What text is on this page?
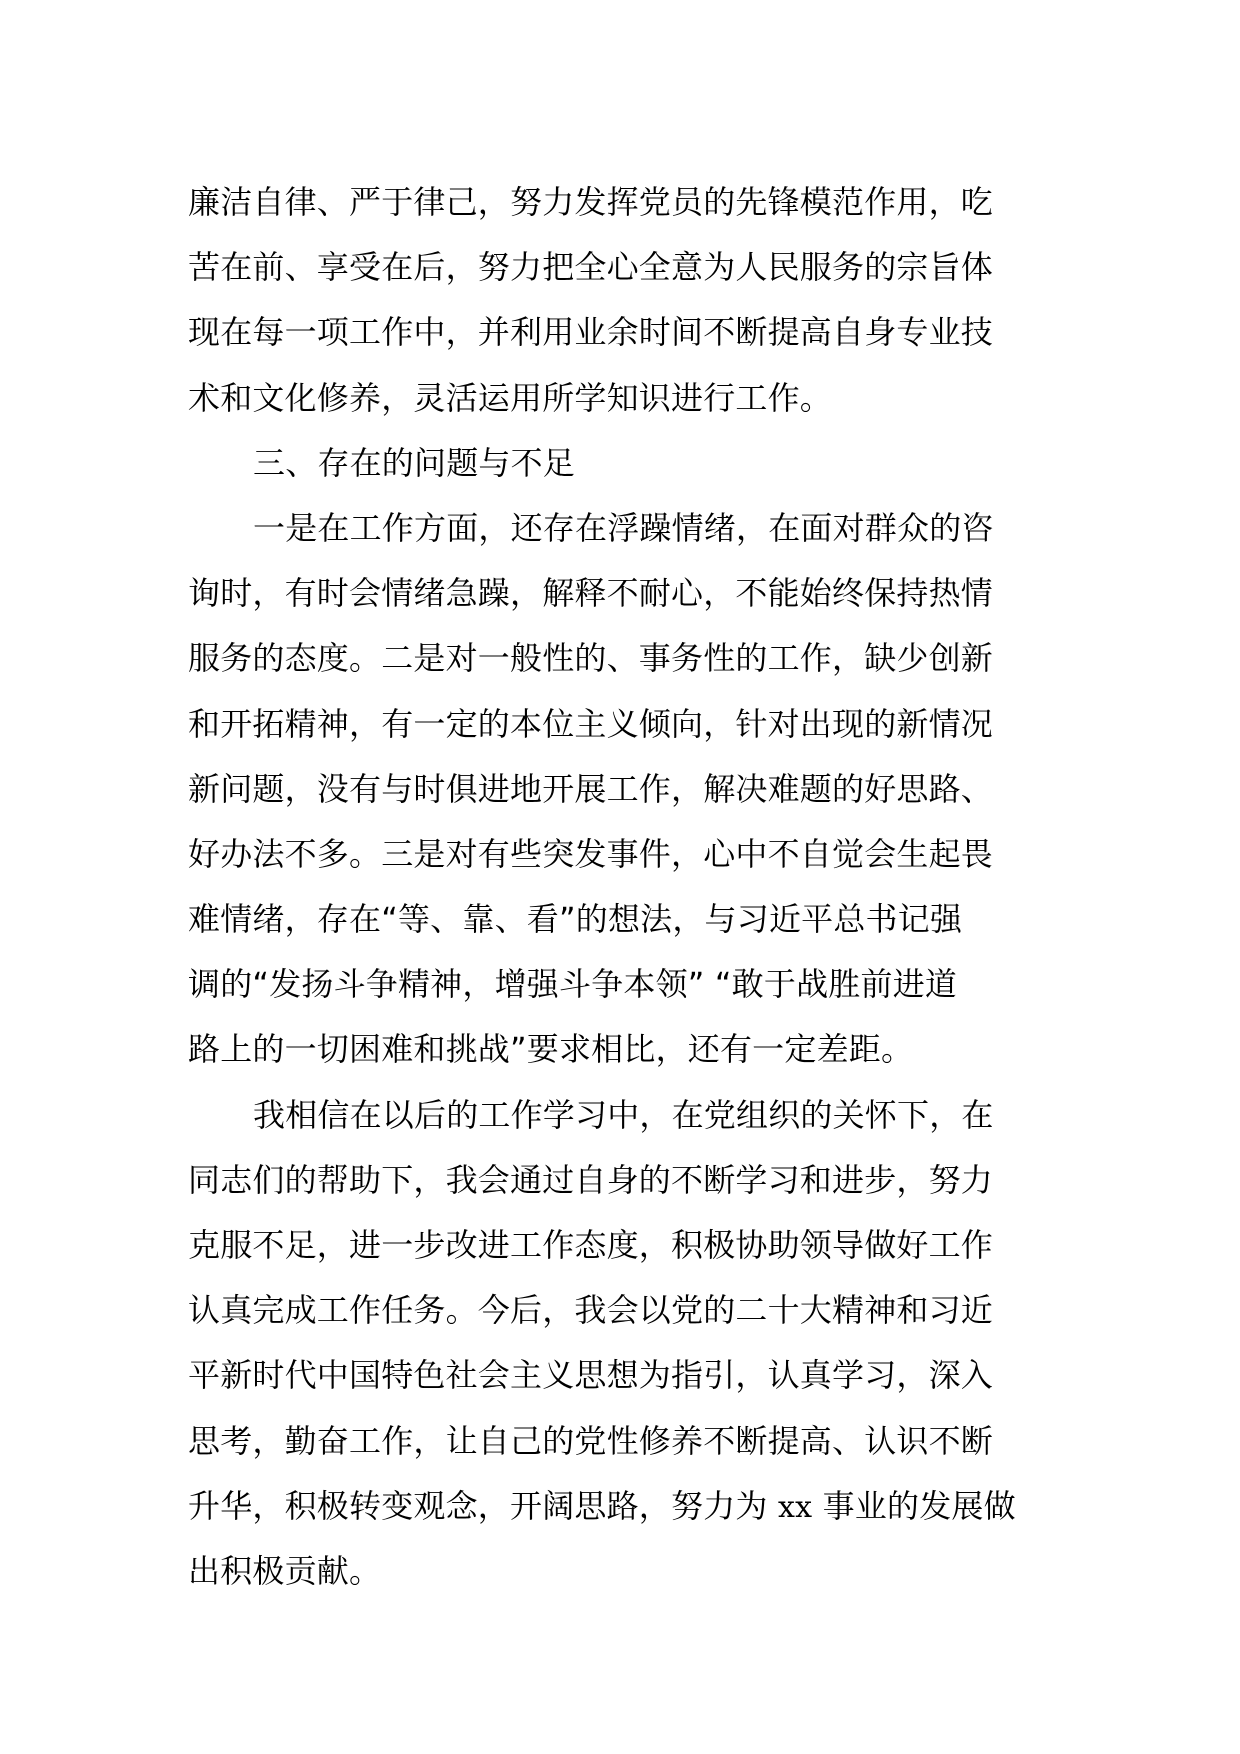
廉洁自律、严于律己，努力发挥党员的先锋模范作用，吃
苦在前、享受在后，努力把全心全意为人民服务的宗旨体
现在每一项工作中，并利用业余时间不断提高自身专业技
术和文化修养，灵活运用所学知识进行工作。
三、存在的问题与不足
一是在工作方面，还存在浮躁情绪，在面对群众的咨
询时，有时会情绪急躁，解释不耐心，不能始终保持热情
服务的态度。二是对一般性的、事务性的工作，缺少创新
和开拓精神，有一定的本位主义倾向，针对出现的新情况
新问题，没有与时俱进地开展工作，解决难题的好思路、
好办法不多。三是对有些突发事件，心中不自觉会生起畏
难情绪，存在“等、靠、看”的想法，与习近平总书记强
调的“发扬斗争精神，增强斗争本领” “敢于战胜前进道
路上的一切困难和挑战”要求相比，还有一定差距。
我相信在以后的工作学习中，在党组织的关怀下，在
同志们的帮助下，我会通过自身的不断学习和进步，努力
克服不足，进一步改进工作态度，积极协助领导做好工作
认真完成工作任务。今后，我会以党的二十大精神和习近
平新时代中国特色社会主义思想为指引，认真学习，深入
思考，勤奋工作，让自己的党性修养不断提高、认识不断
升华，积极转变观念，开阔思路，努力为 xx 事业的发展做
出积极贡献。
